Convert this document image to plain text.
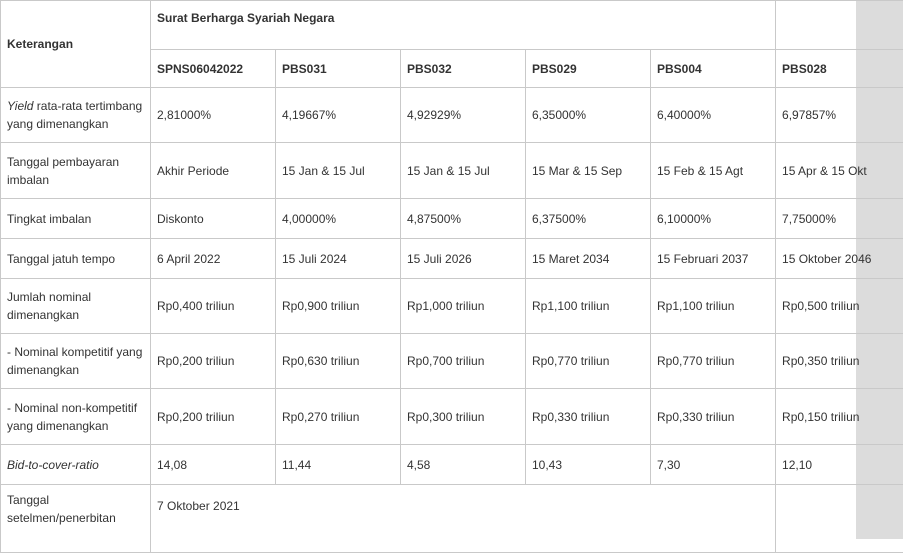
Keterangan	Surat Berharga Syariah Negara					
	SPNS06042022	PBS031	PBS032	PBS029	PBS004	PBS028
Yield rata-rata tertimbang yang dimenangkan	2,81000%	4,19667%	4,92929%	6,35000%	6,40000%	6,97857%
Tanggal pembayaran imbalan	Akhir Periode	15 Jan & 15 Jul	15 Jan & 15 Jul	15 Mar & 15 Sep	15 Feb & 15 Agt	15 Apr & 15 Okt
Tingkat imbalan	Diskonto	4,00000%	4,87500%	6,37500%	6,10000%	7,75000%
Tanggal jatuh tempo	6 April 2022	15 Juli 2024	15 Juli 2026	15 Maret 2034	15 Februari 2037	15 Oktober 2046
Jumlah nominal dimenangkan	Rp0,400 triliun	Rp0,900 triliun	Rp1,000 triliun	Rp1,100 triliun	Rp1,100 triliun	Rp0,500 triliun
- Nominal kompetitif yang dimenangkan	Rp0,200 triliun	Rp0,630 triliun	Rp0,700 triliun	Rp0,770 triliun	Rp0,770 triliun	Rp0,350 triliun
- Nominal non-kompetitif yang dimenangkan	Rp0,200 triliun	Rp0,270 triliun	Rp0,300 triliun	Rp0,330 triliun	Rp0,330 triliun	Rp0,150 triliun
Bid-to-cover-ratio	14,08	11,44	4,58	10,43	7,30	12,10
Tanggal setelmen/penerbitan	7 Oktober 2021					
